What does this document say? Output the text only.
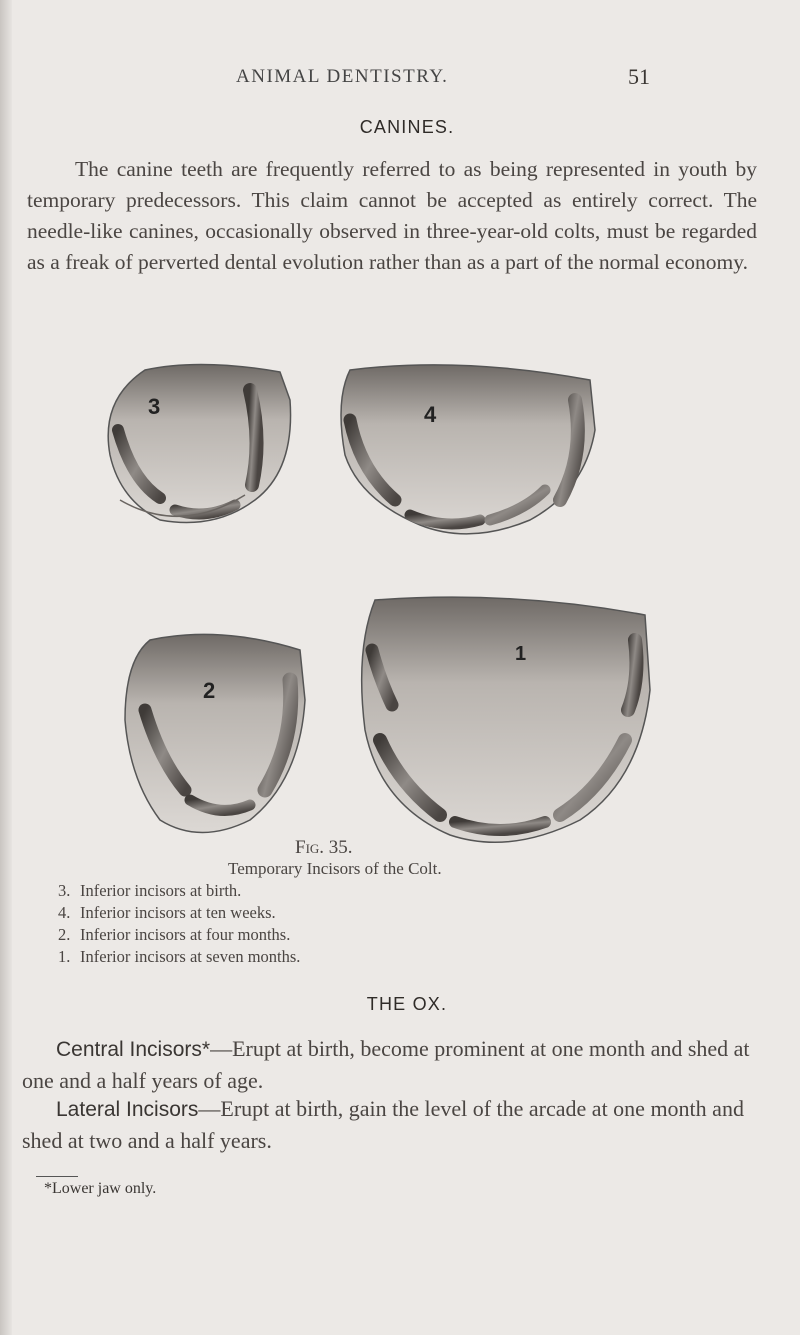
ANIMAL DENTISTRY.	51
CANINES.

The canine teeth are frequently referred to as being represented in youth by temporary predecessors. This claim cannot be accepted as entirely correct. The needle-like canines, occasionally observed in three-year-old colts, must be regarded as a freak of perverted dental evolution rather than as a part of the normal economy.

3	4
2
1
Fig. 35.
Temporary Incisors of the Colt.
3. Inferior incisors at birth.
4. Inferior incisors at ten weeks.
2. Inferior incisors at four months.
1. Inferior incisors at seven months.
THE OX.

Central Incisors*—Erupt at birth, become prominent at one month and shed at one and a half years of age.

Lateral Incisors—Erupt at birth, gain the level of the arcade at one month and shed at two and a half years.

*Lower jaw only.
